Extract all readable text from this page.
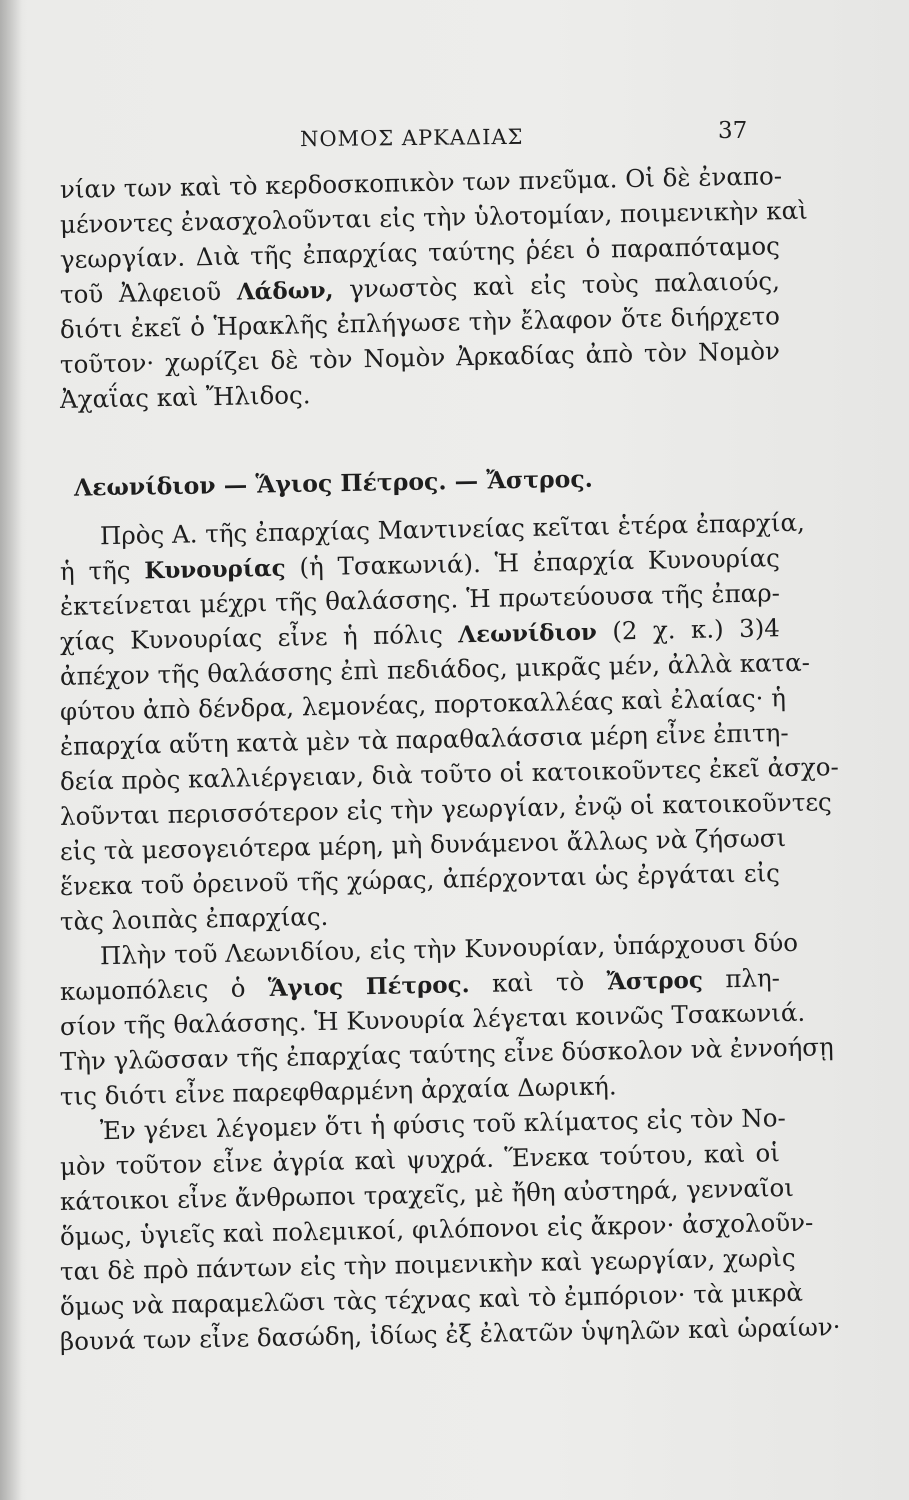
ΝΟΜΟΣ ΑΡΚΑΔΙΑΣ	37
νίαν των καὶ τὸ κερδοσκοπικὸν των πνεῦμα. Οἱ δὲ ἐναπο-
μένοντες ἐνασχολοῦνται εἰς τὴν ὑλοτομίαν, ποιμενικὴν καὶ
γεωργίαν. Διὰ τῆς ἐπαρχίας ταύτης ῥέει ὁ παραπόταμος
τοῦ Ἀλφειοῦ Λάδων, γνωστὸς καὶ εἰς τοὺς παλαιούς,
διότι ἐκεῖ ὁ Ἡρακλῆς ἐπλήγωσε τὴν ἔλαφον ὅτε διήρχετο
τοῦτον· χωρίζει δὲ τὸν Νομὸν Ἀρκαδίας ἀπὸ τὸν Νομὸν
Ἀχαΐας καὶ Ἤλιδος.
Λεωνίδιον — Ἅγιος Πέτρος. — Ἄστρος.
Πρὸς Α. τῆς ἐπαρχίας Μαντινείας κεῖται ἑτέρα ἐπαρχία,
ἡ τῆς Κυνουρίας (ἡ Τσακωνιά). Ἡ ἐπαρχία Κυνουρίας
ἐκτείνεται μέχρι τῆς θαλάσσης. Ἡ πρωτεύουσα τῆς ἐπαρ-
χίας Κυνουρίας εἶνε ἡ πόλις Λεωνίδιον (2 χ. κ.) 3)4
ἀπέχον τῆς θαλάσσης ἐπὶ πεδιάδος, μικρᾶς μέν, ἀλλὰ κατα-
φύτου ἀπὸ δένδρα, λεμονέας, πορτοκαλλέας καὶ ἐλαίας· ἡ
ἐπαρχία αὕτη κατὰ μὲν τὰ παραθαλάσσια μέρη εἶνε ἐπιτη-
δεία πρὸς καλλιέργειαν, διὰ τοῦτο οἱ κατοικοῦντες ἐκεῖ ἀσχο-
λοῦνται περισσότερον εἰς τὴν γεωργίαν, ἐνῷ οἱ κατοικοῦντες
εἰς τὰ μεσογειότερα μέρη, μὴ δυνάμενοι ἄλλως νὰ ζήσωσι
ἕνεκα τοῦ ὀρεινοῦ τῆς χώρας, ἀπέρχονται ὡς ἐργάται εἰς
τὰς λοιπὰς ἐπαρχίας.
Πλὴν τοῦ Λεωνιδίου, εἰς τὴν Κυνουρίαν, ὑπάρχουσι δύο
κωμοπόλεις ὁ Ἅγιος Πέτρος. καὶ τὸ Ἄστρος πλη-
σίον τῆς θαλάσσης. Ἡ Κυνουρία λέγεται κοινῶς Τσακωνιά.
Τὴν γλῶσσαν τῆς ἐπαρχίας ταύτης εἶνε δύσκολον νὰ ἐννοήσῃ
τις διότι εἶνε παρεφθαρμένη ἀρχαία Δωρική.
Ἐν γένει λέγομεν ὅτι ἡ φύσις τοῦ κλίματος εἰς τὸν Νο-
μὸν τοῦτον εἶνε ἀγρία καὶ ψυχρά. Ἕνεκα τούτου, καὶ οἱ
κάτοικοι εἶνε ἄνθρωποι τραχεῖς, μὲ ἤθη αὐστηρά, γενναῖοι
ὅμως, ὑγιεῖς καὶ πολεμικοί, φιλόπονοι εἰς ἄκρον· ἀσχολοῦν-
ται δὲ πρὸ πάντων εἰς τὴν ποιμενικὴν καὶ γεωργίαν, χωρὶς
ὅμως νὰ παραμελῶσι τὰς τέχνας καὶ τὸ ἐμπόριον· τὰ μικρὰ
βουνά των εἶνε δασώδη, ἰδίως ἐξ ἐλατῶν ὑψηλῶν καὶ ὡραίων·
